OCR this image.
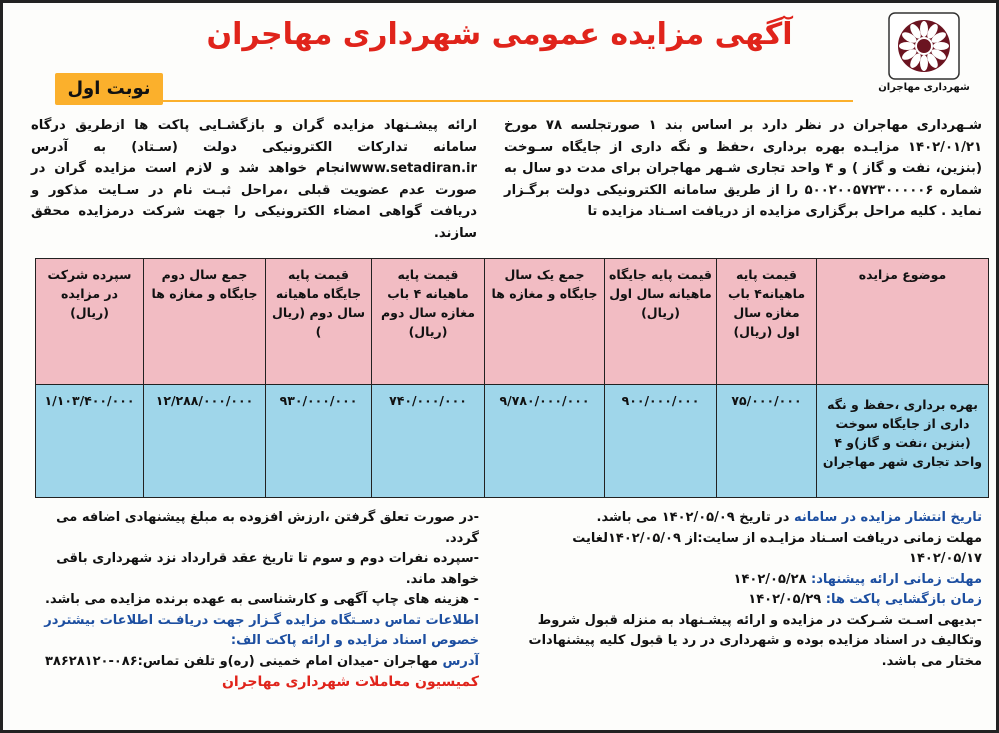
شهرداری مهاجران
آگهی مزایده عمومی شهرداری مهاجران
نوبت اول
شـهرداری مهاجران در نظر دارد بر اساس بند ۱ صورتجلسه ۷۸ مورخ ۱۴۰۲/۰۱/۲۱ مزایـده بهره برداری ،حفظ و نگه داری از جایگاه سـوخت (بنزین، نفت و گاز ) و ۴ واحد تجاری شـهر مهاجران برای مدت دو سال به شماره ۵۰۰۲۰۰۵۷۲۳۰۰۰۰۰۶ را از طریق سامانه الکترونیکی دولت برگـزار نماید . کلیه مراحل برگزاری مزایده از دریافت اسـناد مزایده تا
ارائه پیشـنهاد مزایده گران و بازگشـایی پاکت ها ازطریق درگاه سامانه تدارکات الکترونیکی دولت (سـتاد) به آدرس www.setadiran.irانجام خواهد شد و لازم است مزایده گران در صورت عدم عضویت قبلی ،مراحل ثبـت نام در سـایت مذکور و دریافت گواهی امضاء الکترونیکی را جهت شرکت درمزایده محقق سازند.
موضوع مزایده	قیمت پایه ماهیانه۴ باب مغازه سال اول (ریال)	قیمت پایه جایگاه ماهیانه سال اول (ریال)	جمع یک سال جایگاه و مغازه ها	قیمت پایه ماهیانه ۴ باب مغازه سال دوم (ریال)	قیمت پایه جایگاه ماهیانه سال دوم (ریال )	جمع سال دوم جایگاه و مغازه ها	سپرده شرکت در مزایده (ریال)
بهره برداری ،حفظ و نگه داری از جایگاه سوخت (بنزین ،نفت و گاز)و ۴ واحد تجاری شهر مهاجران	۷۵/۰۰۰/۰۰۰	۹۰۰/۰۰۰/۰۰۰	۹/۷۸۰/۰۰۰/۰۰۰	۷۴۰/۰۰۰/۰۰۰	۹۳۰/۰۰۰/۰۰۰	۱۲/۲۸۸/۰۰۰/۰۰۰	۱/۱۰۳/۴۰۰/۰۰۰
تاریخ انتشار مزایده در سامانه در تاریخ ۱۴۰۲/۰۵/۰۹ می باشد.
مهلت زمانی دریافت اسـناد مزایـده از سایت:از ۱۴۰۲/۰۵/۰۹لغایت ۱۴۰۲/۰۵/۱۷
مهلت زمانی ارائه پیشنهاد: ۱۴۰۲/۰۵/۲۸
زمان بازگشایی پاکت ها: ۱۴۰۲/۰۵/۲۹
-بدیهی اسـت شـرکت در مزایده و ارائه پیشـنهاد به منزله قبول شروط وتکالیف در اسناد مزایده بوده و شهرداری در رد یا قبول کلیه پیشنهادات مختار می باشد.
-در صورت تعلق گرفتن ،ارزش افزوده به مبلغ پیشنهادی اضافه می گردد.
-سپرده نفرات دوم و سوم تا تاریخ عقد قرارداد نزد شهرداری باقی خواهد ماند.
- هزینه های چاپ آگهی و کارشناسی به عهده برنده مزایده می باشد.
اطلاعات تماس دسـتگاه مزایده گـزار جهت دریافـت اطلاعات بیشتردر خصوص اسناد مزایده و ارائه پاکت الف:
آدرس مهاجران -میدان امام خمینی (ره)و تلفن تماس:۰۸۶-۳۸۶۲۸۱۲۰
کمیسیون معاملات شهرداری مهاجران
